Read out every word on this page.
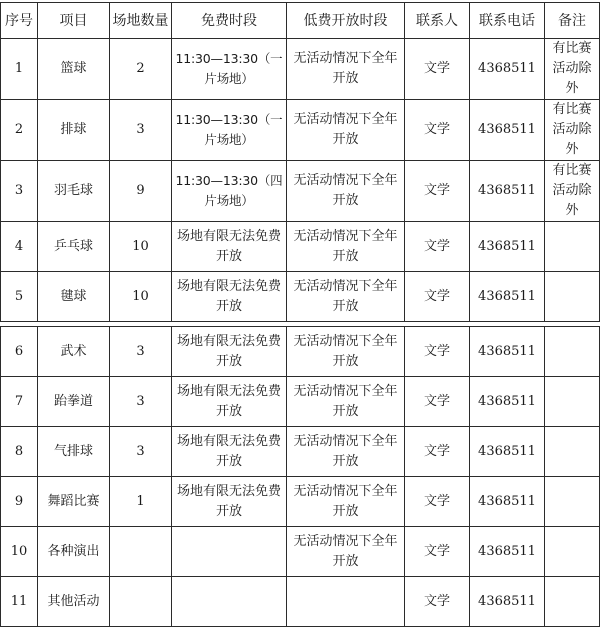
序号	项目	场地数量	免费时段	低费开放时段	联系人	联系电话	备注
1	篮球	2	11:30—13:30（一片场地）	无活动情况下全年开放	文学	4368511	有比赛活动除外
2	排球	3	11:30—13:30（一片场地）	无活动情况下全年开放	文学	4368511	有比赛活动除外
3	羽毛球	9	11:30—13:30（四片场地）	无活动情况下全年开放	文学	4368511	有比赛活动除外
4	乒乓球	10	场地有限无法免费开放	无活动情况下全年开放	文学	4368511	
5	毽球	10	场地有限无法免费开放	无活动情况下全年开放	文学	4368511	
6	武术	3	场地有限无法免费开放	无活动情况下全年开放	文学	4368511	
7	跆拳道	3	场地有限无法免费开放	无活动情况下全年开放	文学	4368511	
8	气排球	3	场地有限无法免费开放	无活动情况下全年开放	文学	4368511	
9	舞蹈比赛	1	场地有限无法免费开放	无活动情况下全年开放	文学	4368511	
10	各种演出			无活动情况下全年开放	文学	4368511	
11	其他活动				文学	4368511	
